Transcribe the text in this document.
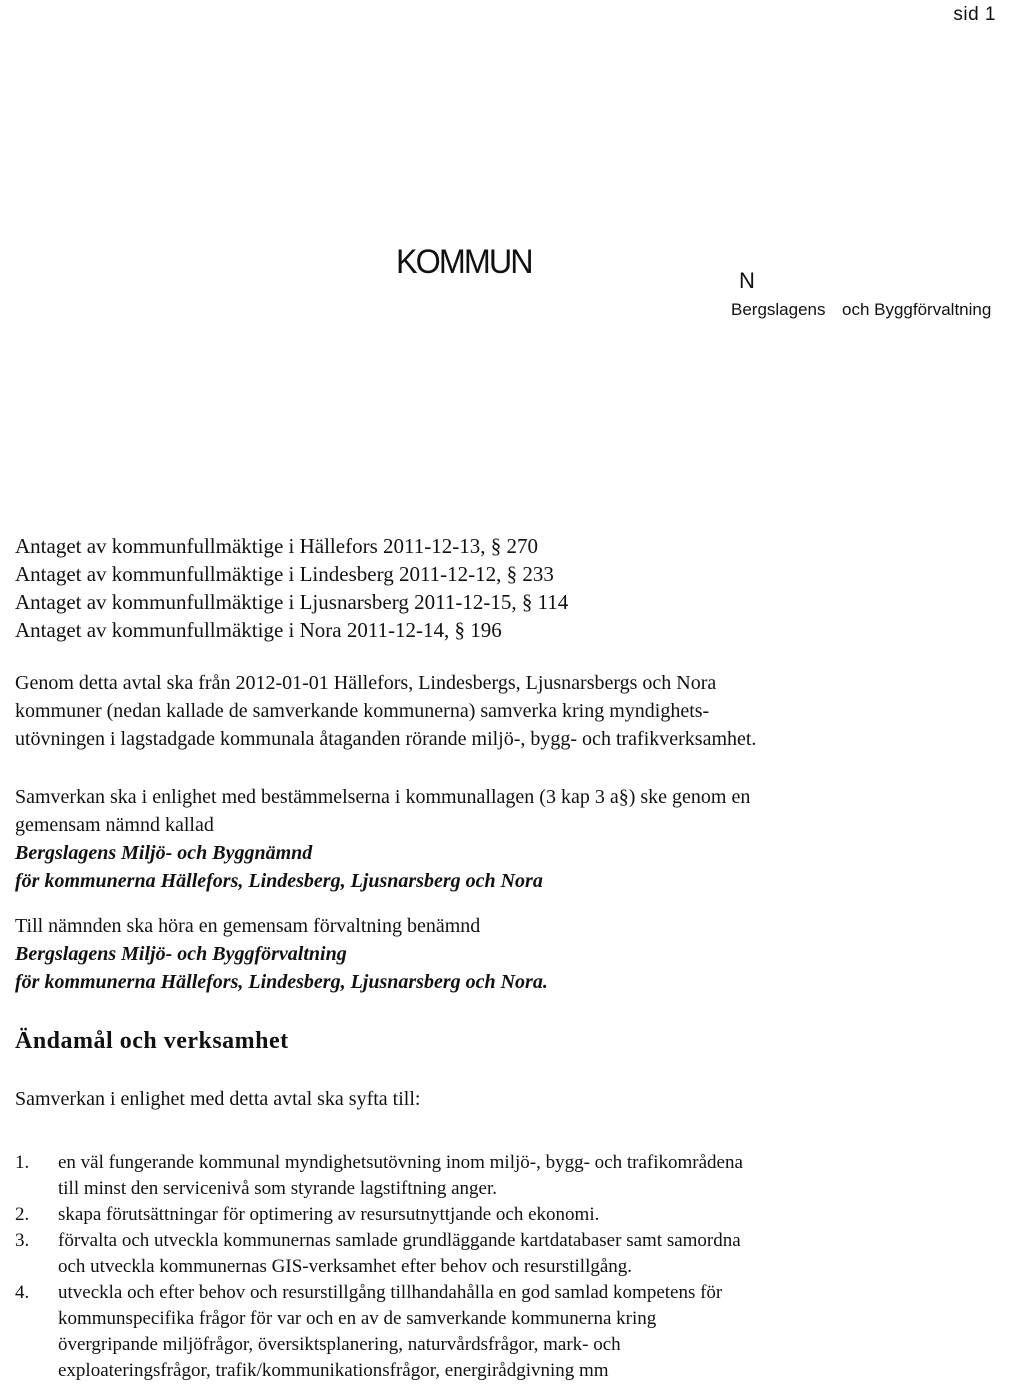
sid 1
KOMMUN	N
Bergslagens och Byggförvaltning
Antaget av kommunfullmäktige i Hällefors 2011-12-13, § 270
Antaget av kommunfullmäktige i Lindesberg 2011-12-12, § 233
Antaget av kommunfullmäktige i Ljusnarsberg 2011-12-15, § 114
Antaget av kommunfullmäktige i Nora 2011-12-14, § 196
Genom detta avtal ska från 2012-01-01 Hällefors, Lindesbergs, Ljusnarsbergs och Nora
kommuner (nedan kallade de samverkande kommunerna) samverka kring myndighets-
utövningen i lagstadgade kommunala åtaganden rörande miljö-, bygg- och trafikverksamhet.
Samverkan ska i enlighet med bestämmelserna i kommunallagen (3 kap 3 a§) ske genom en
gemensam nämnd kallad
Bergslagens Miljö- och Byggnämnd
för kommunerna Hällefors, Lindesberg, Ljusnarsberg och Nora
Till nämnden ska höra en gemensam förvaltning benämnd
Bergslagens Miljö- och Byggförvaltning
för kommunerna Hällefors, Lindesberg, Ljusnarsberg och Nora.
Ändamål och verksamhet
Samverkan i enlighet med detta avtal ska syfta till:
1. en väl fungerande kommunal myndighetsutövning inom miljö-, bygg- och trafikområdena
till minst den servicenivå som styrande lagstiftning anger.
2. skapa förutsättningar för optimering av resursutnyttjande och ekonomi.
3. förvalta och utveckla kommunernas samlade grundläggande kartdatabaser samt samordna
och utveckla kommunernas GIS-verksamhet efter behov och resurstillgång.
4. utveckla och efter behov och resurstillgång tillhandahålla en god samlad kompetens för
kommunspecifika frågor för var och en av de samverkande kommunerna kring
övergripande miljöfrågor, översiktsplanering, naturvårdsfrågor, mark- och
exploateringsfrågor, trafik/kommunikationsfrågor, energirådgivning mm
